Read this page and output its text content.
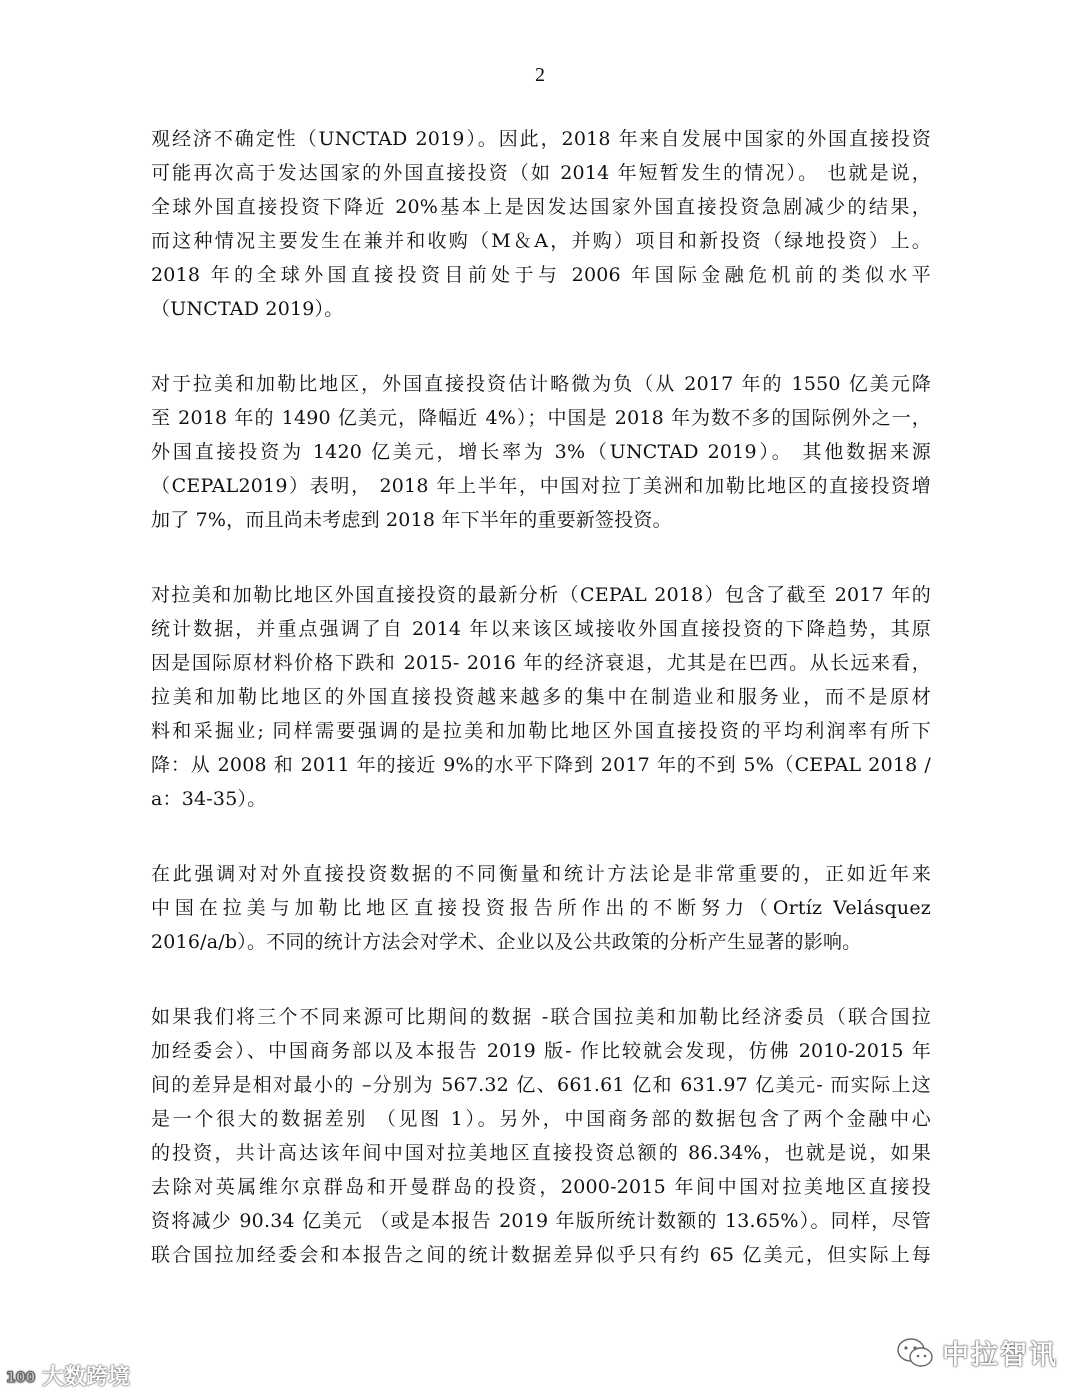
2

观经济不确定性（UNCTAD 2019）。因此，2018 年来自发展中国家的外国直接投资
可能再次高于发达国家的外国直接投资（如 2014 年短暂发生的情况）。 也就是说，
全球外国直接投资下降近 20%基本上是因发达国家外国直接投资急剧减少的结果，
而这种情况主要发生在兼并和收购（M＆A，并购）项目和新投资（绿地投资）上。
2018 年的全球外国直接投资目前处于与 2006 年国际金融危机前的类似水平
（UNCTAD 2019）。

对于拉美和加勒比地区，外国直接投资估计略微为负（从 2017 年的 1550 亿美元降
至 2018 年的 1490 亿美元，降幅近 4%）；中国是 2018 年为数不多的国际例外之一，
外国直接投资为 1420 亿美元，增长率为 3%（UNCTAD 2019）。 其他数据来源
（CEPAL2019）表明， 2018 年上半年，中国对拉丁美洲和加勒比地区的直接投资增
加了 7%，而且尚未考虑到 2018 年下半年的重要新签投资。

对拉美和加勒比地区外国直接投资的最新分析（CEPAL 2018）包含了截至 2017 年的
统计数据，并重点强调了自 2014 年以来该区域接收外国直接投资的下降趋势，其原
因是国际原材料价格下跌和 2015- 2016 年的经济衰退，尤其是在巴西。从长远来看，
拉美和加勒比地区的外国直接投资越来越多的集中在制造业和服务业，而不是原材
料和采掘业; 同样需要强调的是拉美和加勒比地区外国直接投资的平均利润率有所下
降：从 2008 和 2011 年的接近 9%的水平下降到 2017 年的不到 5%（CEPAL 2018 /
a：34-35）。

在此强调对对外直接投资数据的不同衡量和统计方法论是非常重要的，正如近年来
中国在拉美与加勒比地区直接投资报告所作出的不断努力（Ortíz Velásquez
2016/a/b）。不同的统计方法会对学术、企业以及公共政策的分析产生显著的影响。

如果我们将三个不同来源可比期间的数据 -联合国拉美和加勒比经济委员（联合国拉
加经委会）、中国商务部以及本报告 2019 版- 作比较就会发现，仿佛 2010-2015 年
间的差异是相对最小的 –分别为 567.32 亿、661.61 亿和 631.97 亿美元- 而实际上这
是一个很大的数据差别 （见图 1）。另外，中国商务部的数据包含了两个金融中心
的投资，共计高达该年间中国对拉美地区直接投资总额的 86.34%，也就是说，如果
去除对英属维尔京群岛和开曼群岛的投资，2000-2015 年间中国对拉美地区直接投
资将减少 90.34 亿美元 （或是本报告 2019 年版所统计数额的 13.65%）。同样，尽管
联合国拉加经委会和本报告之间的统计数据差异似乎只有约 65 亿美元，但实际上每

100 大数跨境
中拉智讯
